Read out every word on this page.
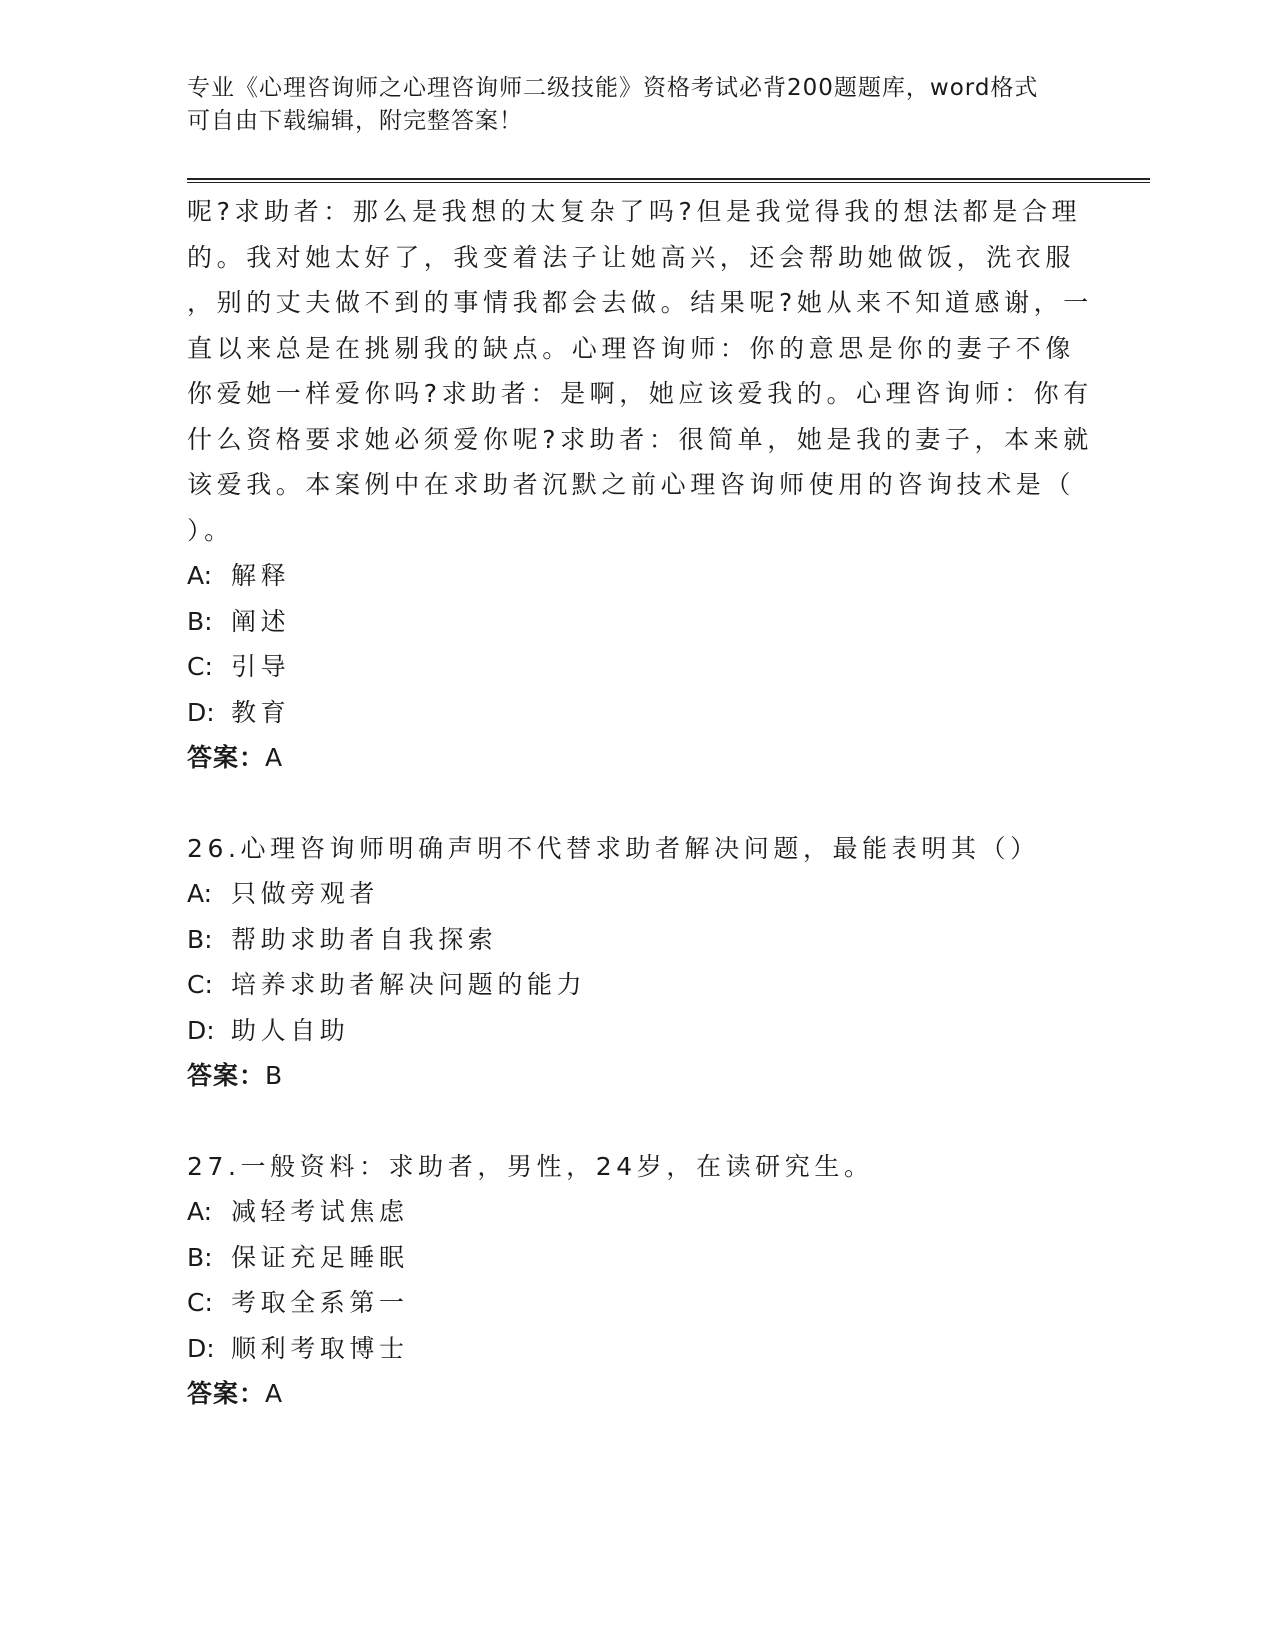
专业《心理咨询师之心理咨询师二级技能》资格考试必背200题题库，word格式
可自由下载编辑，附完整答案！

呢?求助者：那么是我想的太复杂了吗?但是我觉得我的想法都是合理
的。我对她太好了，我变着法子让她高兴，还会帮助她做饭，洗衣服
，别的丈夫做不到的事情我都会去做。结果呢?她从来不知道感谢，一
直以来总是在挑剔我的缺点。心理咨询师：你的意思是你的妻子不像
你爱她一样爱你吗?求助者：是啊，她应该爱我的。心理咨询师：你有
什么资格要求她必须爱你呢?求助者：很简单，她是我的妻子，本来就
该爱我。本案例中在求助者沉默之前心理咨询师使用的咨询技术是（
）。

A: 解释
B: 阐述
C: 引导
D: 教育
答案：A
26.心理咨询师明确声明不代替求助者解决问题，最能表明其（）
A: 只做旁观者
B: 帮助求助者自我探索
C: 培养求助者解决问题的能力
D: 助人自助
答案：B
27.一般资料：求助者，男性，24岁，在读研究生。
A: 减轻考试焦虑
B: 保证充足睡眠
C: 考取全系第一
D: 顺利考取博士
答案：A
